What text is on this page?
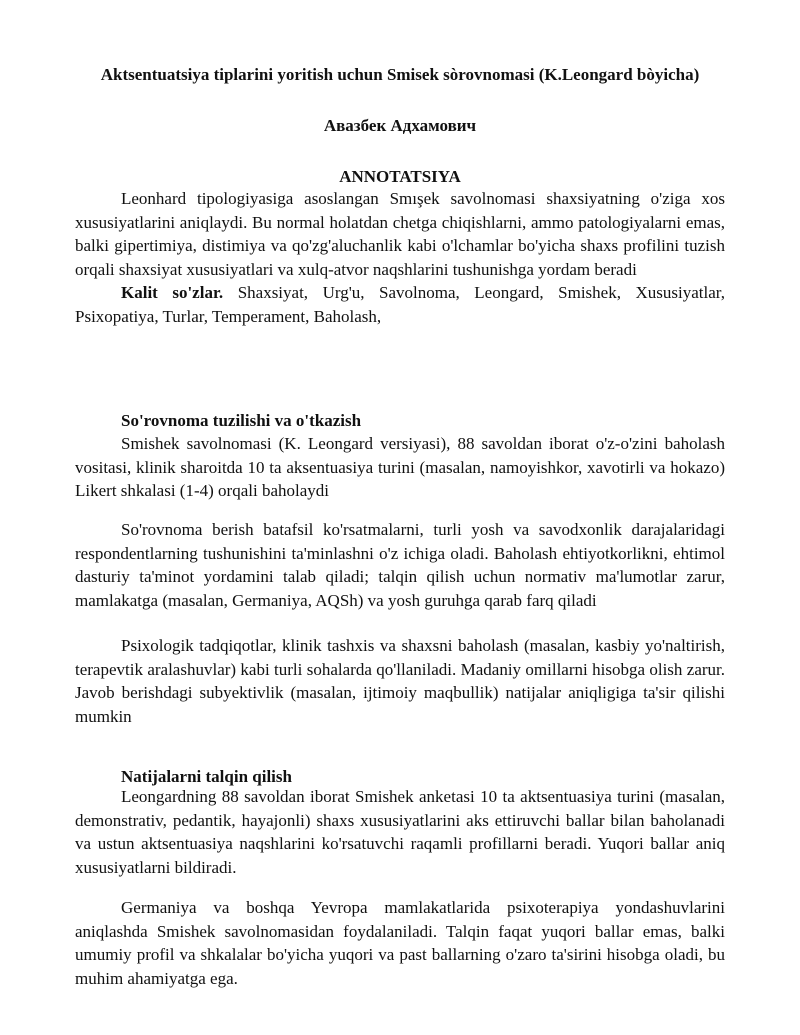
Aktsentuatsiya tiplarini yoritish uchun Smisek sòrovnomasi (K.Leongard bòyicha)
Авазбек Адхамович
ANNOTATSIYA

Leonhard tipologiyasiga asoslangan Smışek savolnomasi shaxsiyatning o'ziga xos xususiyatlarini aniqlaydi. Bu normal holatdan chetga chiqishlarni, ammo patologiyalarni emas, balki gipertimiya, distimiya va qo'zg'aluchanlik kabi o'lchamlar bo'yicha shaxs profilini tuzish orqali shaxsiyat xususiyatlari va xulq-atvor naqshlarini tushunishga yordam beradi

Kalit so'zlar. Shaxsiyat, Urg'u, Savolnoma, Leongard, Smishek, Xususiyatlar, Psixopatiya, Turlar, Temperament, Baholash,

So'rovnoma tuzilishi va o'tkazish

Smishek savolnomasi (K. Leongard versiyasi), 88 savoldan iborat o'z-o'zini baholash vositasi, klinik sharoitda 10 ta aksentuasiya turini (masalan, namoyishkor, xavotirli va hokazo) Likert shkalasi (1-4) orqali baholaydi

So'rovnoma berish batafsil ko'rsatmalarni, turli yosh va savodxonlik darajalaridagi respondentlarning tushunishini ta'minlashni o'z ichiga oladi. Baholash ehtiyotkorlikni, ehtimol dasturiy ta'minot yordamini talab qiladi; talqin qilish uchun normativ ma'lumotlar zarur, mamlakatga (masalan, Germaniya, AQSh) va yosh guruhga qarab farq qiladi

Psixologik tadqiqotlar, klinik tashxis va shaxsni baholash (masalan, kasbiy yo'naltirish, terapevtik aralashuvlar) kabi turli sohalarda qo'llaniladi. Madaniy omillarni hisobga olish zarur. Javob berishdagi subyektivlik (masalan, ijtimoiy maqbullik) natijalar aniqligiga ta'sir qilishi mumkin

Natijalarni talqin qilish

Leongardning 88 savoldan iborat Smishek anketasi 10 ta aktsentuasiya turini (masalan, demonstrativ, pedantik, hayajonli) shaxs xususiyatlarini aks ettiruvchi ballar bilan baholanadi va ustun aktsentuasiya naqshlarini ko'rsatuvchi raqamli profillarni beradi. Yuqori ballar aniq xususiyatlarni bildiradi.

Germaniya va boshqa Yevropa mamlakatlarida psixoterapiya yondashuvlarini aniqlashda Smishek savolnomasidan foydalaniladi. Talqin faqat yuqori ballar emas, balki umumiy profil va shkalalar bo'yicha yuqori va past ballarning o'zaro ta'sirini hisobga oladi, bu muhim ahamiyatga ega.
